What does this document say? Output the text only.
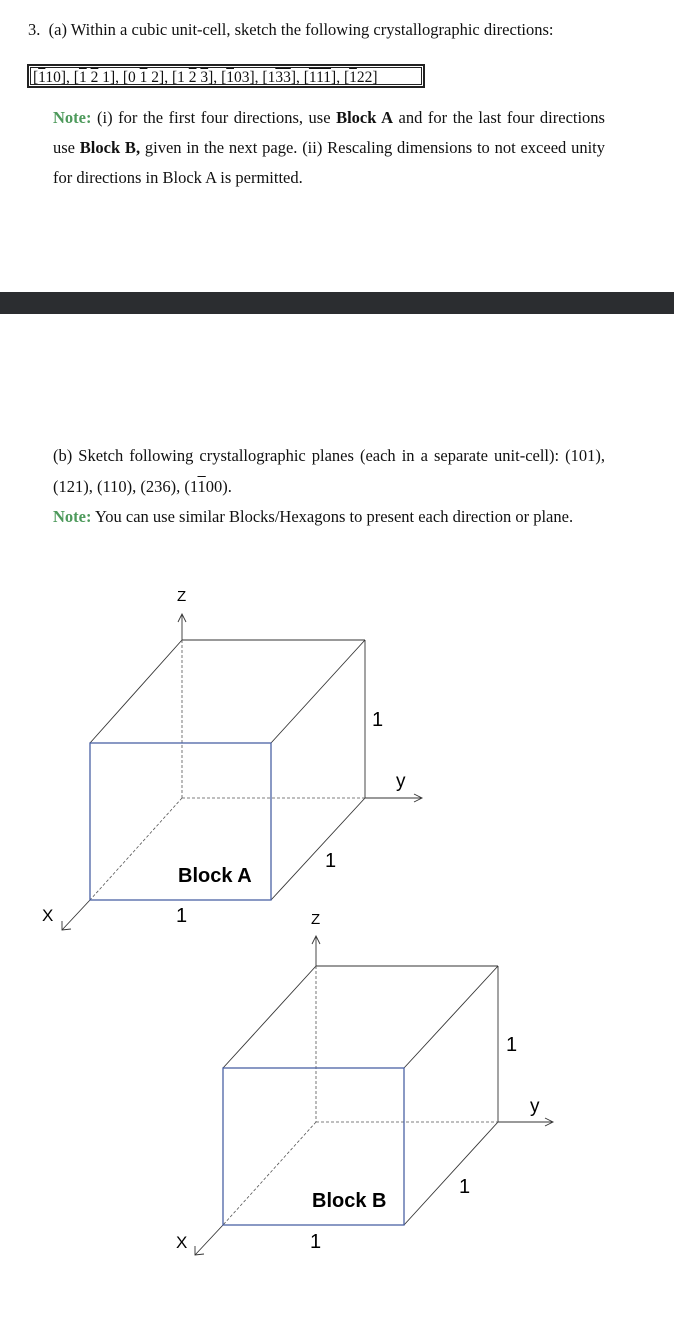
3. (a) Within a cubic unit-cell, sketch the following crystallographic directions:
[110], [1 2 1], [0 1 2], [1 2 3], [103], [133], [111], [122]
Note: (i) for the first four directions, use Block A and for the last four directions use Block B, given in the next page. (ii) Rescaling dimensions to not exceed unity for directions in Block A is permitted.
(b) Sketch following crystallographic planes (each in a separate unit-cell): (101), (121), (110), (236), (1100).
Note: You can use similar Blocks/Hexagons to present each direction or plane.
Z
y
X
1
1
1
Block A
Z
y
X
1
1
1
Block B
